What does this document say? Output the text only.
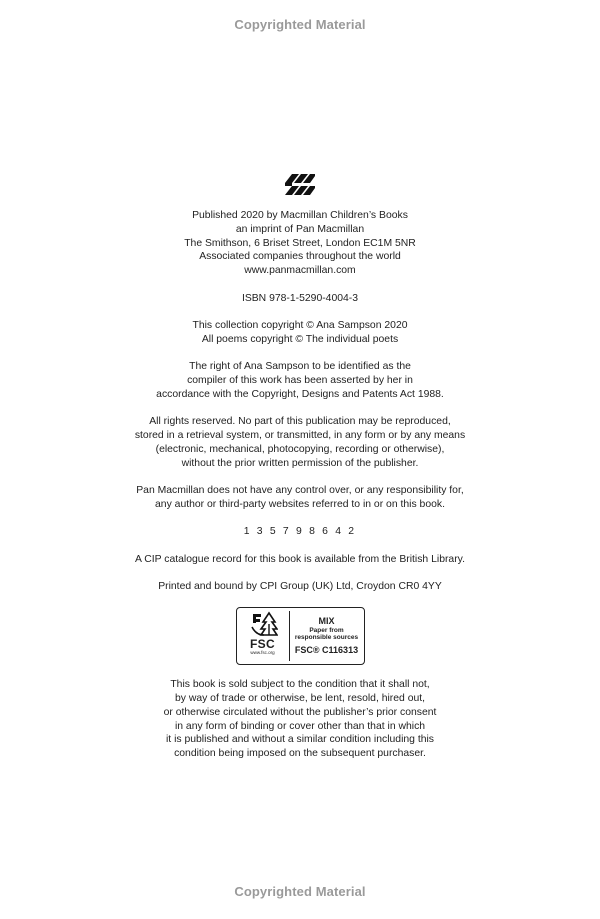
Copyrighted Material
Published 2020 by Macmillan Children’s Books
an imprint of Pan Macmillan
The Smithson, 6 Briset Street, London EC1M 5NR
Associated companies throughout the world
www.panmacmillan.com
ISBN 978-1-5290-4004-3
This collection copyright © Ana Sampson 2020
All poems copyright © The individual poets
The right of Ana Sampson to be identified as the
compiler of this work has been asserted by her in
accordance with the Copyright, Designs and Patents Act 1988.
All rights reserved. No part of this publication may be reproduced,
stored in a retrieval system, or transmitted, in any form or by any means
(electronic, mechanical, photocopying, recording or otherwise),
without the prior written permission of the publisher.
Pan Macmillan does not have any control over, or any responsibility for,
any author or third-party websites referred to in or on this book.
1 3 5 7 9 8 6 4 2
A CIP catalogue record for this book is available from the British Library.
Printed and bound by CPI Group (UK) Ltd, Croydon CR0 4YY
FSC
www.fsc.org
MIX
Paper from
responsible sources
FSC® C116313
This book is sold subject to the condition that it shall not,
by way of trade or otherwise, be lent, resold, hired out,
or otherwise circulated without the publisher’s prior consent
in any form of binding or cover other than that in which
it is published and without a similar condition including this
condition being imposed on the subsequent purchaser.
Copyrighted Material
